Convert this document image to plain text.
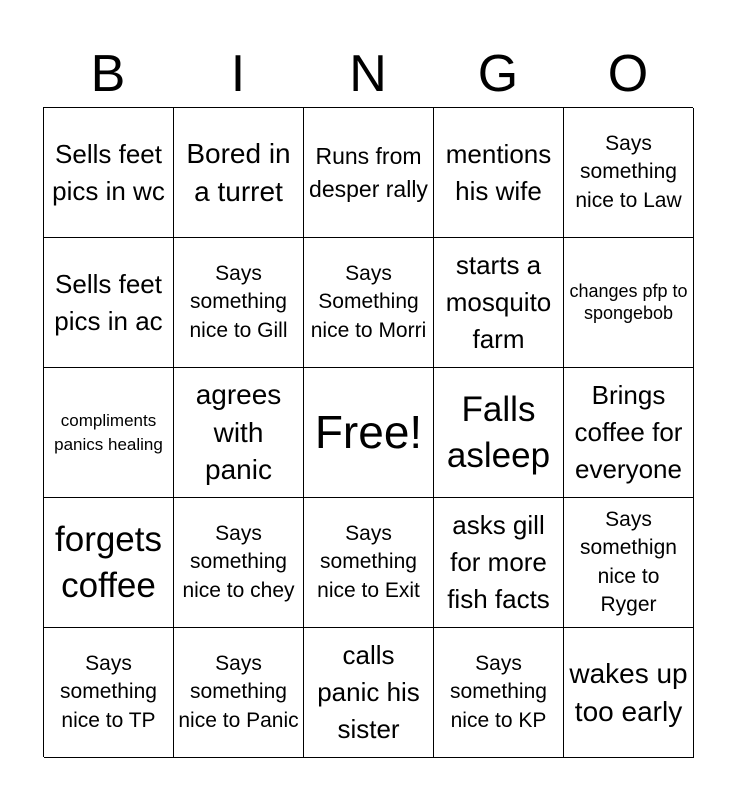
B	I	N	G	O
Sells feet pics in wc
Bored in a turret
Runs from desper rally
mentions his wife
Says something nice to Law
Sells feet pics in ac
Says something nice to Gill
Says Something nice to Morri
starts a mosquito farm
changes pfp to spongebob
compliments panics healing
agrees with panic
Free!	Falls asleep
Brings coffee for everyone
forgets coffee
Says something nice to chey
Says something nice to Exit
asks gill for more fish facts
Says somethign nice to Ryger
Says something nice to TP
Says something nice to Panic
calls panic his sister
Says something nice to KP
wakes up too early
